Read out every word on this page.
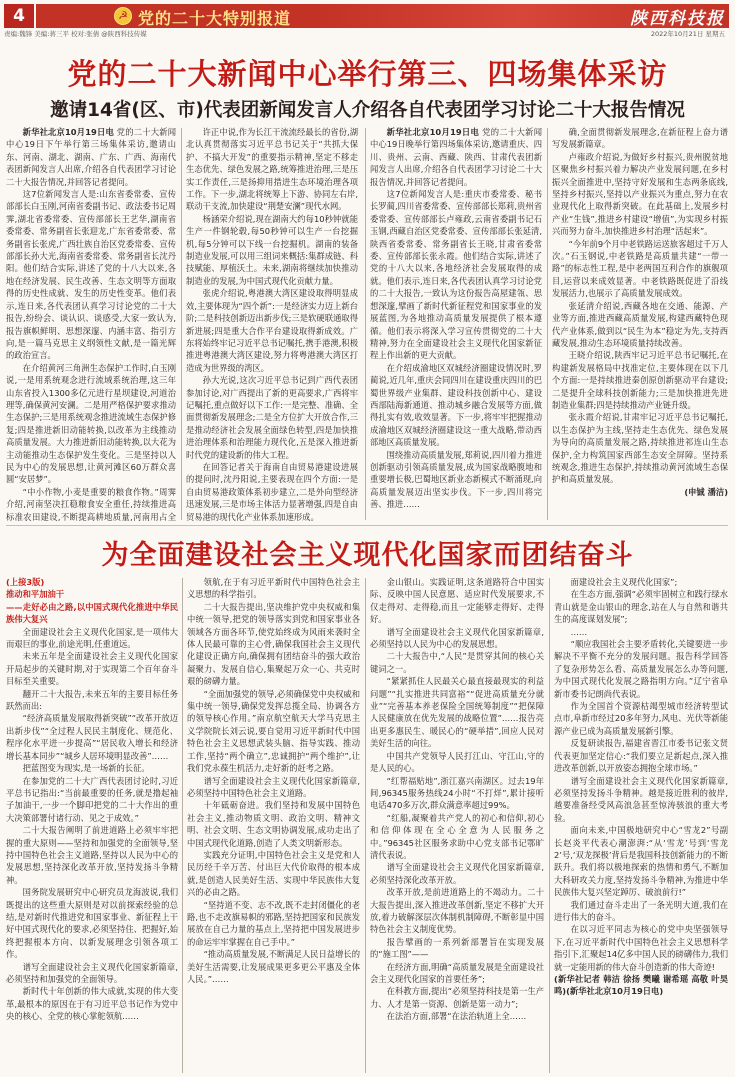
4
责编:魏锋 美编:蒋三平 校对:张倩 @陕西科技传媒
☭ 党的二十大特别报道	陕西科技报
2022年10月21日 星期五
党的二十大新闻中心举行第三、四场集体采访
邀请14省(区、市)代表团新闻发言人介绍各自代表团学习讨论二十大报告情况

新华社北京10月19日电 党的二十大新闻中心19日下午举行第三场集体采访,邀请山东、河南、湖北、湖南、广东、广西、海南代表团新闻发言人出席,介绍各自代表团学习讨论二十大报告情况,并回答记者提问。

这7位新闻发言人是:山东省委常委、宣传部部长白玉刚,河南省委副书记、政法委书记周霁,湖北省委常委、宣传部部长王艺华,湖南省委常委、常务副省长张迎龙,广东省委常委、常务副省长张虎,广西壮族自治区党委常委、宣传部部长孙大光,海南省委常委、常务副省长沈丹阳。他们结合实际,讲述了党的十八大以来,各地在经济发展、民生改善、生态文明等方面取得的历史性成就、发生的历史性变革。他们表示,连日来,各代表团认真学习讨论党的二十大报告,纷纷会、谈认识、谈感受,大家一致认为,报告旗帜鲜明、思想深邃、内涵丰富、指引方向,是一篇马克思主义纲领性文献,是一篇光辉的政治宣言。

在介绍黄河三角洲生态保护工作时,白玉刚说,一是用系统观念进行流域系统治理,这三年山东省投入1300多亿元进行星坝建设,河道治理等,确保黄河安澜。二是用严格保护要求推动生态保护;三是用系统观念推进流域生态保护修复;四是推进新旧动能转换,以改革为主线推动高质量发展。大力推进新旧动能转换,以大花为主动能推动生态保护发生变化。三是坚持以人民为中心的发展思想,让黄河滩区60万群众喜圆“安居梦”。

“中小作物,小麦是重要的粮食作物。”周霁介绍,河南坚决扛稳粮食安全重任,持续推进高标准农田建设,不断提高耕地质量,河南用占全

许正中说,作为长江干流流经最长的省份,湖北认真贯彻落实习近平总书记关于“共抓大保护、不搞大开发”的重要指示精神,坚定不移走生态优先、绿色发展之路,统筹推进治理,三是压实工作责任,三是扬抑用措进生态环境治理各项工作。下一步,湖北将统筹上下游、协同左右岸,联动干支流,加快建设“荆楚安澜”现代水网。

杨涵荣介绍说,现在湖南大约每10秒钟就能生产一件钢轮毂,每50秒钟可以生产一台挖掘机,每5分钟可以下线一台挖掘机。湖南的装备制造业发展,可以用三组词来概括:集群成链、科技赋能、厚植沃土。未来,湖南将继续加快推动制造业的发展,为中国式现代化贡献力量。

张虎介绍说,粤港澳大湾区建设取得明显成效,主要体现为“四个新”:一是经济实力迈上新台阶;二是科技创新迈出新步伐;三是软硬联通取得新进展;四是重大合作平台建设取得新成效。广东将始终牢记习近平总书记嘱托,携手港澳,积极推进粤港澳大湾区建设,努力将粤港澳大湾区打造成为世界级的湾区。

孙大光说,这次习近平总书记到广西代表团参加讨论,对广西提出了新的更高要求,广西将牢记嘱托,重点做好以下工作:一是完整、准确、全面贯彻新发展理念;二是全方位扩大开放合作,三是推动经济社会发展全面绿色转型,四是加快推进治理体系和治理能力现代化,五是深入推进新时代党的建设新的伟大工程。

在回答记者关于海南自由贸易港建设进展的提问时,沈丹阳说,主要表现在四个方面:一是自由贸易港政策体系初步建立,二是外向型经济迅速发展,三是市场主体活力显著增强,四是自由贸易港的现代化产业体系加速形成。

新华社北京10月19日电 党的二十大新闻中心19日晚举行第四场集体采访,邀请重庆、四川、贵州、云南、西藏、陕西、甘肃代表团新闻发言人出席,介绍各自代表团学习讨论二十大报告情况,并回答记者提问。

这7位新闻发言人是:重庆市委常委、秘书长罗蔺,四川省委常委、宣传部部长郑莉,贵州省委常委、宣传部部长卢雍政,云南省委副书记石玉钢,西藏自治区党委常委、宣传部部长张延清,陕西省委常委、常务副省长王晓,甘肃省委常委、宣传部部长张永霞。他们结合实际,讲述了党的十八大以来,各地经济社会发展取得的成就。他们表示,连日来,各代表团认真学习讨论党的二十大报告,一致认为这份报告高屋建瓴、思想深邃,擘画了新时代新征程党和国家事业的发展蓝图,为各地推动高质量发展提供了根本遵循。他们表示将深入学习宣传贯彻党的二十大精神,努力在全面建设社会主义现代化国家新征程上作出新的更大贡献。

在介绍成渝地区双城经济圈建设情况时,罗蔺说,近几年,重庆会同四川在建设重庆四川的巴蜀世界级产业集群、建设科技创新中心、建设西部陆海新通道、推动城乡融合发展等方面,做得扎实有效,收效显著。下一步,将牢牢把握推动成渝地区双城经济圈建设这一重大战略,带动西部地区高质量发展。

围绕推动高质量发展,郑莉说,四川着力推进创新驱动引领高质量发展,成为国家战略腹地和重要增长极,巴蜀地区新业态新模式不断涌现,向高质量发展迈出坚实步伐。下一步,四川将完善、推进……

确,全面贯彻新发展理念,在新征程上奋力谱写发展新篇章。

卢雍政介绍说,为做好乡村振兴,贵州脱贫地区聚焦乡村振兴着力解决产业发展问题,在乡村振兴全面推进中,坚持守好发展和生态两条底线,坚持乡村振兴,坚持以产业振兴为重点,努力在农业现代化上取得新突破。在此基础上,发展乡村产业“生钱”,推进乡村建设“增值”,为实现乡村振兴而努力奋斗,加快推进乡村治理“活起来”。

“今年前9个月中老铁路运送旅客超过千万人次。”石玉钢说,中老铁路是高质量共建“一带一路”的标志性工程,是中老两国互利合作的旗舰项目,运营以来成效显著。中老铁路既促进了沿线发展活力,也展示了高质量发展成效。

张延清介绍说,西藏各地在交通、能源、产业等方面,推进西藏高质量发展,构建西藏特色现代产业体系,做到以“民生为本”稳定为先,支持西藏发展,推动生态环境质量持续改善。

王晓介绍说,陕西牢记习近平总书记嘱托,在构建新发展格局中找准定位,主要体现在以下几个方面:一是持续推进秦创原创新驱动平台建设;二是提升全球科技创新能力;三是加快推进先进制造业集群;四是持续推动产业链升级。

张永霞介绍说,甘肃牢记习近平总书记嘱托,以生态保护为主线,坚持走生态优先、绿色发展为导向的高质量发展之路,持续推进祁连山生态保护,全力构筑国家西部生态安全屏障。坚持系统观念,推进生态保护,持续推动黄河流域生态保护和高质量发展。

(申铖 潘洁)

为全面建设社会主义现代化国家而团结奋斗

(上接3版)

推动和平加油干

——走好必由之路,以中国式现代化推进中华民族伟大复兴

全面建设社会主义现代化国家,是一项伟大而艰巨的事业,前途光明,任重道远。

未来五年是全面建设社会主义现代化国家开局起步的关键时期,对于实现第二个百年奋斗目标至关重要。

翻开二十大报告,未来五年的主要目标任务跃然而出:

“经济高质量发展取得新突破”“改革开放迈出新步伐”“全过程人民民主制度化、规范化、程序化水平进一步提高”“居民收入增长和经济增长基本同步”“城乡人居环境明显改善”……

把蓝图变为现实,是一场新的长征。

在参加党的二十大广西代表团讨论时,习近平总书记指出:“当前最重要的任务,就是撸起袖子加油干,一步一个脚印把党的二十大作出的重大决策部署付诸行动、见之于成效。”

二十大报告阐明了前进道路上必须牢牢把握的重大原则——坚持和加强党的全面领导,坚持中国特色社会主义道路,坚持以人民为中心的发展思想,坚持深化改革开放,坚持发扬斗争精神。

国务院发展研究中心研究员龙海波说,我们既提出的这些重大原则是对以前探索经验的总结,是对新时代推进党和国家事业、新征程上干好中国式现代化的要求,必须坚持住、把握好,始终把握根本方向、以新发展理念引领各项工作。

谱写全面建设社会主义现代化国家新篇章,必须坚持和加强党的全面领导。

新时代十年创新的伟大成就,实现的伟大变革,最根本的原因在于有习近平总书记作为党中央的核心、全党的核心掌舵领航……

领航,在于有习近平新时代中国特色社会主义思想的科学指引。

二十大报告提出,坚决维护党中央权威和集中统一领导,把党的领导落实到党和国家事业各领域各方面各环节,使党始终成为风雨来袭时全体人民最可靠的主心骨,确保我国社会主义现代化建设正确方向,确保拥有团结奋斗的强大政治凝聚力、发展自信心,集聚起万众一心、共克时艰的磅礴力量。

“全面加强党的领导,必须确保党中央权威和集中统一领导,确保党发挥总揽全局、协调各方的领导核心作用。”南京航空航天大学马克思主义学院院长刘云说,要自觉用习近平新时代中国特色社会主义思想武装头脑、指导实践、推动工作,坚持“两个确立”,忠诚拥护“两个维护”,让我们党永葆生机活力,走好新的赶考之路。

谱写全面建设社会主义现代化国家新篇章,必须坚持中国特色社会主义道路。

十年砥砺奋进。我们坚持和发展中国特色社会主义,推动物质文明、政治文明、精神文明、社会文明、生态文明协调发展,成功走出了中国式现代化道路,创造了人类文明新形态。

实践充分证明,中国特色社会主义是党和人民历经千辛万苦、付出巨大代价取得的根本成就,是创造人民美好生活、实现中华民族伟大复兴的必由之路。

“坚持道不变、志不改,既不走封闭僵化的老路,也不走改旗易帜的邪路,坚持把国家和民族发展放在自己力量的基点上,坚持把中国发展进步的命运牢牢掌握在自己手中。”

“推动高质量发展,不断满足人民日益增长的美好生活需要,让发展成果更多更公平惠及全体人民。”……

金山银山。实践证明,这条道路符合中国实际、反映中国人民意愿、适应时代发展要求,不仅走得对、走得稳,而且一定能够走得好、走得好。

谱写全面建设社会主义现代化国家新篇章,必须坚持以人民为中心的发展思想。

二十大报告中,“人民”是贯穿其间的核心关键词之一。

“紧紧抓住人民最关心最直接最现实的利益问题”“扎实推进共同富裕”“促进高质量充分就业”“完善基本养老保险全国统筹制度”“把保障人民健康放在优先发展的战略位置”……报告亮出更多惠民生、暖民心的“硬举措”,回应人民对美好生活的向往。

中国共产党领导人民打江山、守江山,守的是人民的心。

“红帮福贴地”,浙江嘉兴南湖区。过去19年间,96345服务热线24小时“不打烊”,累计接听电话470多万次,群众满意率超过99%。

“红船,凝聚着共产党人的初心和信仰,初心和信仰体现在全心全意为人民服务之中。”96345社区服务求助中心党支部书记鄂旷清代表说。

谱写全面建设社会主义现代化国家新篇章,必须坚持深化改革开放。

改革开放,是前进道路上的不竭动力。二十大报告提出,深入推进改革创新,坚定不移扩大开放,着力破解深层次体制机制障碍,不断彰显中国特色社会主义制度优势。

报告擘画的一系列新部署旨在实现发展的“施工图”——

在经济方面,明确“高质量发展是全面建设社会主义现代化国家的首要任务”;

在科教方面,提出“必须坚持科技是第一生产力、人才是第一资源、创新是第一动力”;

在法治方面,部署“在法治轨道上全……

面建设社会主义现代化国家”;

在生态方面,强调“必须牢固树立和践行绿水青山就是金山银山的理念,站在人与自然和谐共生的高度谋划发展”;

……

“顺应我国社会主要矛盾转化,关键要进一步解决不平衡不充分的发展问题。报告科学回答了复杂形势怎么看、高质量发展怎么办等问题,为中国式现代化发展之路指明方向。”辽宁省阜新市委书记朗尚代表说。

作为全国首个资源枯竭型城市经济转型试点市,阜新市经过20多年努力,风电、光伏等新能源产业已成为高质量发展新引擎。

反复研读报告,福建省晋江市委书记张文贤代表更加坚定信心:“我们要立足新起点,深入推进改革创新,以开放姿态拥抱全球市场。”

谱写全面建设社会主义现代化国家新篇章,必须坚持发扬斗争精神。越是接近胜利的彼岸,越要准备经受风高浪急甚至惊涛骇浪的重大考验。

面向未来,中国极地研究中心“雪龙2”号副长赵炎平代表心潮澎湃:“从‘雪龙’号到‘雪龙2’号,‘双龙探极’背后是我国科技创新能力的不断跃升。我们将以极地探索的热情和勇气,不断加大科研攻关力度,坚持发扬斗争精神,为推进中华民族伟大复兴坚定踔厉、破浪前行!”

我们通过奋斗走出了一条光明大道,我们在进行伟大的奋斗。

在以习近平同志为核心的党中央坚强领导下,在习近平新时代中国特色社会主义思想科学指引下,汇聚起14亿多中国人民的磅礴伟力,我们就一定能用新的伟大奋斗创造新的伟大奇迹!

(新华社记者 韩洁 徐扬 樊曦 谢希瑶 高敬 叶昊鸣)(新华社北京10月19日电)
